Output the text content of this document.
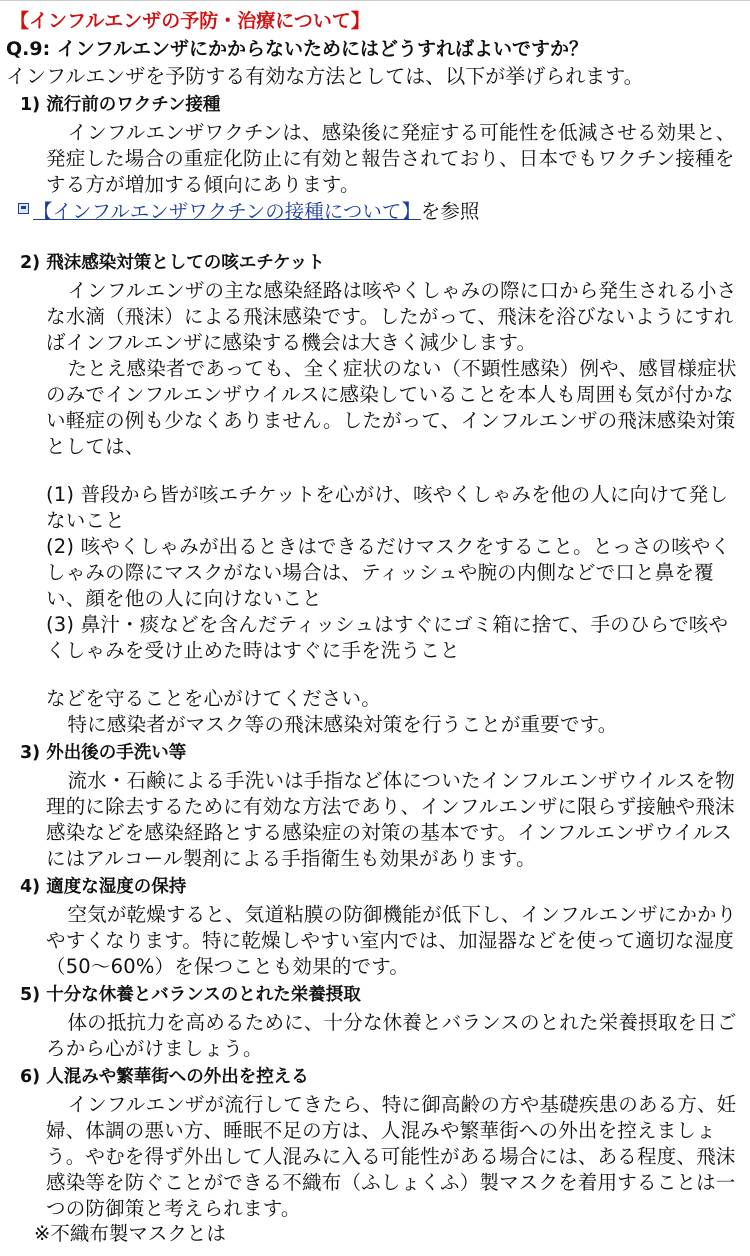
【インフルエンザの予防・治療について】
Q.9: インフルエンザにかからないためにはどうすればよいですか？
インフルエンザを予防する有効な方法としては、以下が挙げられます。
1) 流行前のワクチン接種
インフルエンザワクチンは、感染後に発症する可能性を低減させる効果と、発症した場合の重症化防止に有効と報告されており、日本でもワクチン接種をする方が増加する傾向にあります。
【インフルエンザワクチンの接種について】を参照
2) 飛沫感染対策としての咳エチケット
インフルエンザの主な感染経路は咳やくしゃみの際に口から発生される小さな水滴（飛沫）による飛沫感染です。したがって、飛沫を浴びないようにすればインフルエンザに感染する機会は大きく減少します。
たとえ感染者であっても、全く症状のない（不顕性感染）例や、感冒様症状のみでインフルエンザウイルスに感染していることを本人も周囲も気が付かない軽症の例も少なくありません。したがって、インフルエンザの飛沫感染対策としては、
(1) 普段から皆が咳エチケットを心がけ、咳やくしゃみを他の人に向けて発しないこと
(2) 咳やくしゃみが出るときはできるだけマスクをすること。とっさの咳やくしゃみの際にマスクがない場合は、ティッシュや腕の内側などで口と鼻を覆い、顔を他の人に向けないこと
(3) 鼻汁・痰などを含んだティッシュはすぐにゴミ箱に捨て、手のひらで咳やくしゃみを受け止めた時はすぐに手を洗うこと
などを守ることを心がけてください。
特に感染者がマスク等の飛沫感染対策を行うことが重要です。
3) 外出後の手洗い等
流水・石鹸による手洗いは手指など体についたインフルエンザウイルスを物理的に除去するために有効な方法であり、インフルエンザに限らず接触や飛沫感染などを感染経路とする感染症の対策の基本です。インフルエンザウイルスにはアルコール製剤による手指衛生も効果があります。
4) 適度な湿度の保持
空気が乾燥すると、気道粘膜の防御機能が低下し、インフルエンザにかかりやすくなります。特に乾燥しやすい室内では、加湿器などを使って適切な湿度（50〜60%）を保つことも効果的です。
5) 十分な休養とバランスのとれた栄養摂取
体の抵抗力を高めるために、十分な休養とバランスのとれた栄養摂取を日ごろから心がけましょう。
6) 人混みや繁華街への外出を控える
インフルエンザが流行してきたら、特に御高齢の方や基礎疾患のある方、妊婦、体調の悪い方、睡眠不足の方は、人混みや繁華街への外出を控えましょう。やむを得ず外出して人混みに入る可能性がある場合には、ある程度、飛沫感染等を防ぐことができる不織布（ふしょくふ）製マスクを着用することは一つの防御策と考えられます。
※不織布製マスクとは
